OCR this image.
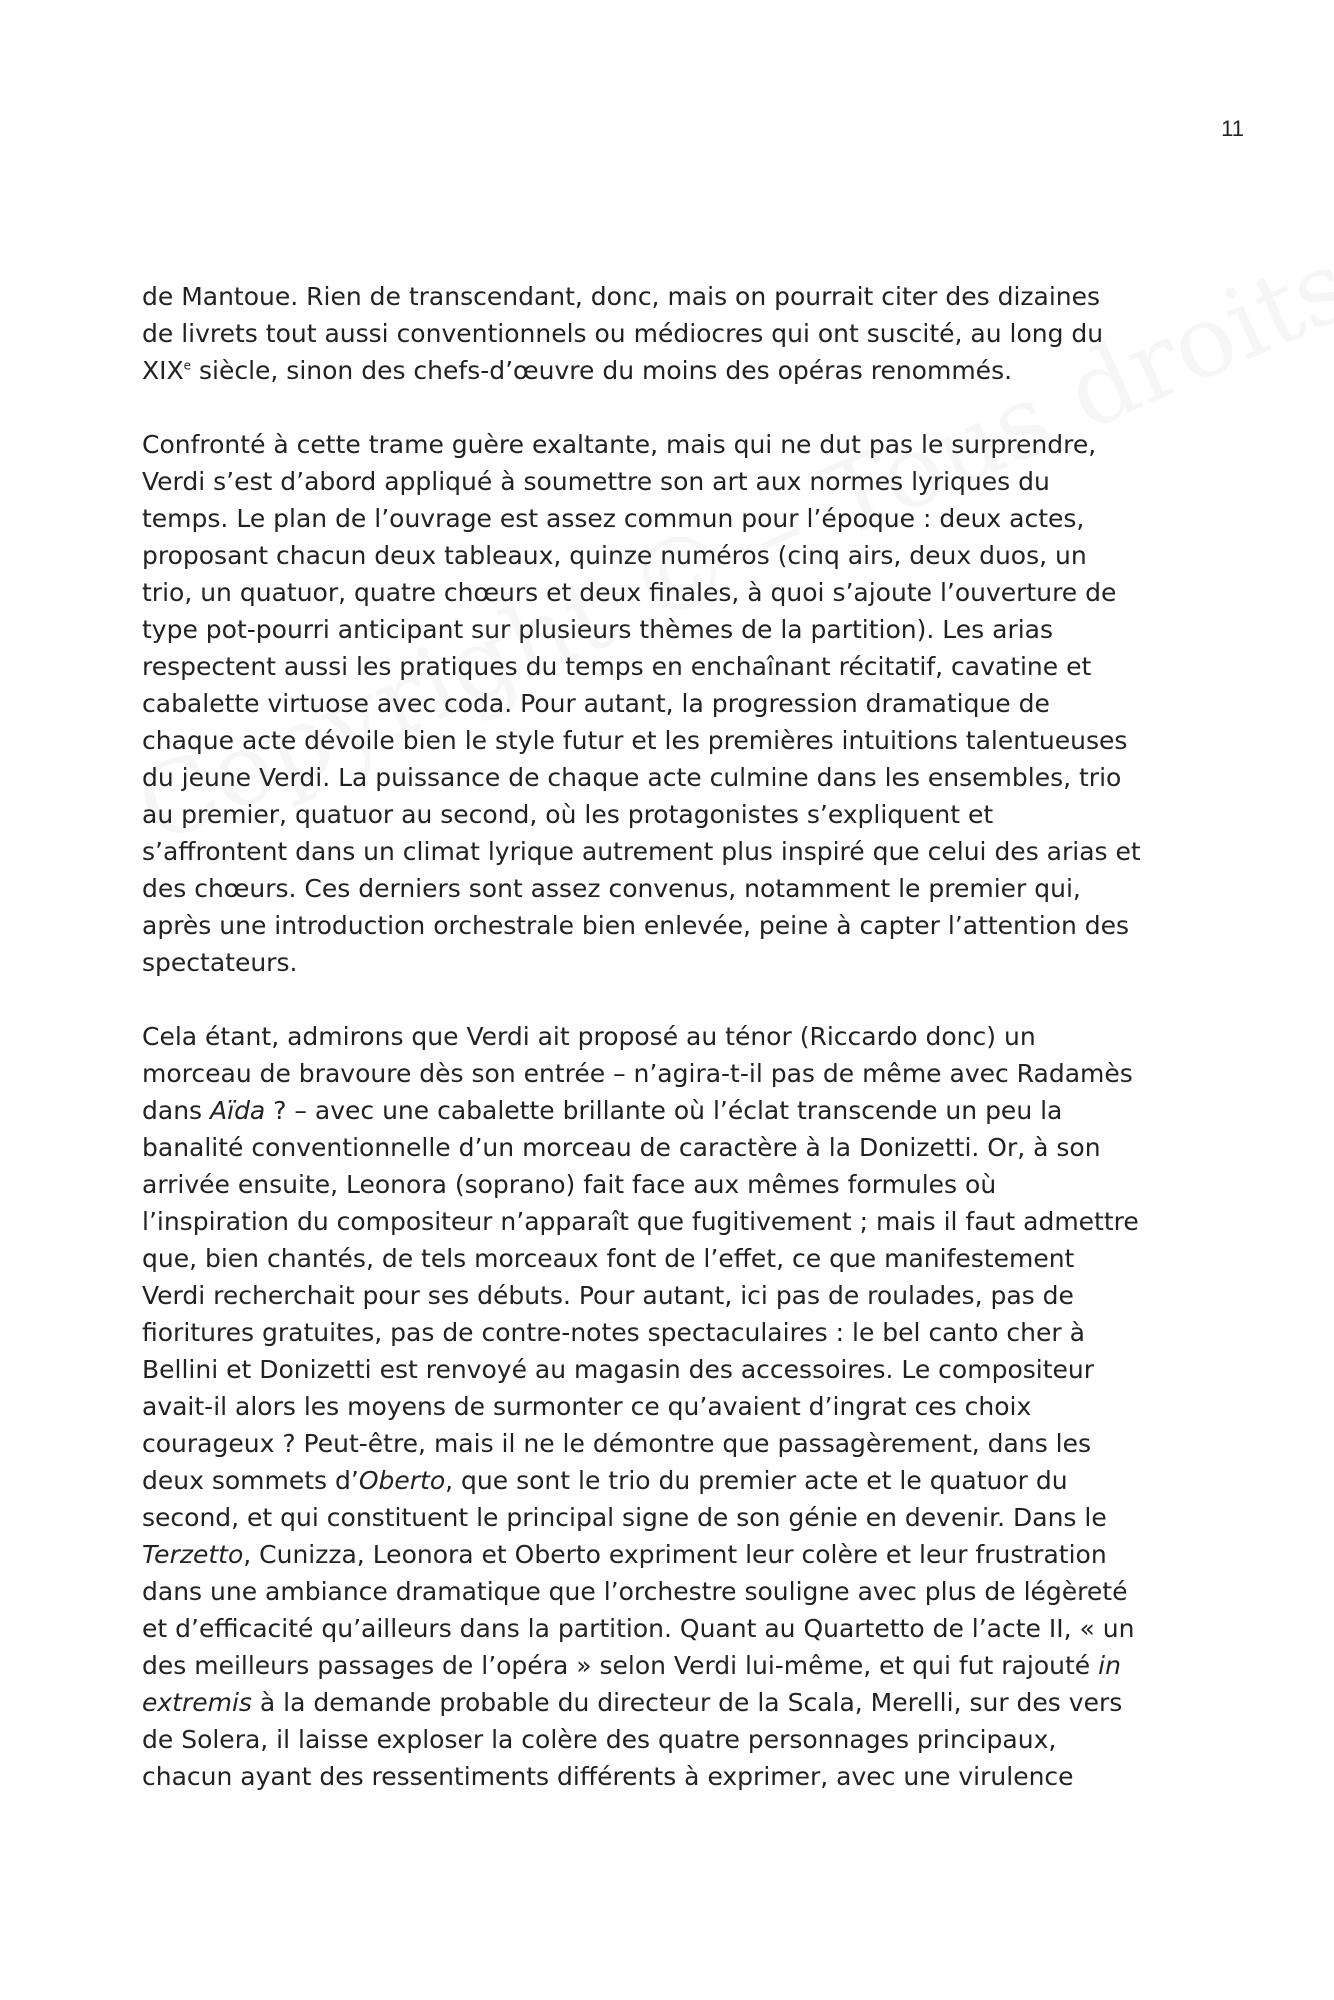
11
de Mantoue. Rien de transcendant, donc, mais on pourrait citer des dizaines
de livrets tout aussi conventionnels ou médiocres qui ont suscité, au long du
XIXe siècle, sinon des chefs-d’œuvre du moins des opéras renommés.
Confronté à cette trame guère exaltante, mais qui ne dut pas le surprendre,
Verdi s’est d’abord appliqué à soumettre son art aux normes lyriques du
temps. Le plan de l’ouvrage est assez commun pour l’époque : deux actes,
proposant chacun deux tableaux, quinze numéros (cinq airs, deux duos, un
trio, un quatuor, quatre chœurs et deux finales, à quoi s’ajoute l’ouverture de
type pot-pourri anticipant sur plusieurs thèmes de la partition). Les arias
respectent aussi les pratiques du temps en enchaînant récitatif, cavatine et
cabalette virtuose avec coda. Pour autant, la progression dramatique de
chaque acte dévoile bien le style futur et les premières intuitions talentueuses
du jeune Verdi. La puissance de chaque acte culmine dans les ensembles, trio
au premier, quatuor au second, où les protagonistes s’expliquent et
s’affrontent dans un climat lyrique autrement plus inspiré que celui des arias et
des chœurs. Ces derniers sont assez convenus, notamment le premier qui,
après une introduction orchestrale bien enlevée, peine à capter l’attention des
spectateurs.
Cela étant, admirons que Verdi ait proposé au ténor (Riccardo donc) un
morceau de bravoure dès son entrée – n’agira-t-il pas de même avec Radamès
dans Aïda ? – avec une cabalette brillante où l’éclat transcende un peu la
banalité conventionnelle d’un morceau de caractère à la Donizetti. Or, à son
arrivée ensuite, Leonora (soprano) fait face aux mêmes formules où
l’inspiration du compositeur n’apparaît que fugitivement ; mais il faut admettre
que, bien chantés, de tels morceaux font de l’effet, ce que manifestement
Verdi recherchait pour ses débuts. Pour autant, ici pas de roulades, pas de
fioritures gratuites, pas de contre-notes spectaculaires : le bel canto cher à
Bellini et Donizetti est renvoyé au magasin des accessoires. Le compositeur
avait-il alors les moyens de surmonter ce qu’avaient d’ingrat ces choix
courageux ? Peut-être, mais il ne le démontre que passagèrement, dans les
deux sommets d’Oberto, que sont le trio du premier acte et le quatuor du
second, et qui constituent le principal signe de son génie en devenir. Dans le
Terzetto, Cunizza, Leonora et Oberto expriment leur colère et leur frustration
dans une ambiance dramatique que l’orchestre souligne avec plus de légèreté
et d’efficacité qu’ailleurs dans la partition. Quant au Quartetto de l’acte II, « un
des meilleurs passages de l’opéra » selon Verdi lui-même, et qui fut rajouté in
extremis à la demande probable du directeur de la Scala, Merelli, sur des vers
de Solera, il laisse exploser la colère des quatre personnages principaux,
chacun ayant des ressentiments différents à exprimer, avec une virulence
